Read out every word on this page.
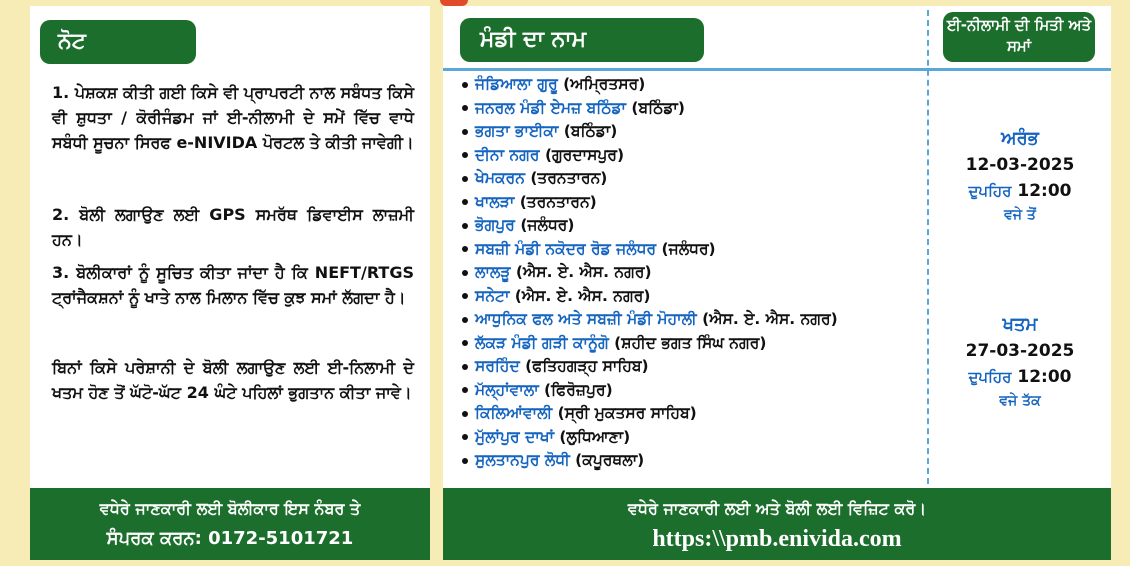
ਨੋਟ
1. ਪੇਸ਼ਕਸ਼ ਕੀਤੀ ਗਈ ਕਿਸੇ ਵੀ ਪ੍ਰਾਪਰਟੀ ਨਾਲ ਸਬੰਧਤ ਕਿਸੇ ਵੀ ਸ਼ੁਧਤਾ / ਕੋਰੀਜੰਡਮ ਜਾਂ ਈ-ਨੀਲਾਮੀ ਦੇ ਸਮੇਂ ਵਿੱਚ ਵਾਧੇ ਸਬੰਧੀ ਸੂਚਨਾ ਸਿਰਫ e-NIVIDA ਪੋਰਟਲ ਤੇ ਕੀਤੀ ਜਾਵੇਗੀ।
2. ਬੋਲੀ ਲਗਾਉਣ ਲਈ GPS ਸਮਰੱਥ ਡਿਵਾਈਸ ਲਾਜ਼ਮੀ ਹਨ।
3. ਬੋਲੀਕਾਰਾਂ ਨੂੰ ਸੂਚਿਤ ਕੀਤਾ ਜਾਂਦਾ ਹੈ ਕਿ NEFT/RTGS ਟ੍ਰਾਂਜੈਕਸ਼ਨਾਂ ਨੂੰ ਖਾਤੇ ਨਾਲ ਮਿਲਾਨ ਵਿੱਚ ਕੁਝ ਸਮਾਂ ਲੱਗਦਾ ਹੈ।
ਬਿਨਾਂ ਕਿਸੇ ਪਰੇਸ਼ਾਨੀ ਦੇ ਬੋਲੀ ਲਗਾਉਣ ਲਈ ਈ-ਨਿਲਾਮੀ ਦੇ ਖਤਮ ਹੋਣ ਤੋਂ ਘੱਟੋ-ਘੱਟ 24 ਘੰਟੇ ਪਹਿਲਾਂ ਭੁਗਤਾਨ ਕੀਤਾ ਜਾਵੇ।
ਵਧੇਰੇ ਜਾਣਕਾਰੀ ਲਈ ਬੋਲੀਕਾਰ ਇਸ ਨੰਬਰ ਤੇ
ਸੰਪਰਕ ਕਰਨ: 0172-5101721
ਮੰਡੀ ਦਾ ਨਾਮ
ਈ-ਨੀਲਾਮੀ ਦੀ ਮਿਤੀ ਅਤੇ ਸਮਾਂ
ਜੰਡਿਆਲਾ ਗੁਰੂ (ਅਮ੍ਰਿਤਸਰ)
ਜਨਰਲ ਮੰਡੀ ਏਮਜ਼ ਬਠਿੰਡਾ (ਬਠਿੰਡਾ)
ਭਗਤਾ ਭਾਈਕਾ (ਬਠਿੰਡਾ)
ਦੀਨਾ ਨਗਰ (ਗੁਰਦਾਸਪੁਰ)
ਖੇਮਕਰਨ (ਤਰਨਤਾਰਨ)
ਖਾਲੜਾ (ਤਰਨਤਾਰਨ)
ਭੋਗਪੁਰ (ਜਲੰਧਰ)
ਸਬਜ਼ੀ ਮੰਡੀ ਨਕੋਦਰ ਰੋਡ ਜਲੰਧਰ (ਜਲੰਧਰ)
ਲਾਲੜੂ (ਐਸ. ਏ. ਐਸ. ਨਗਰ)
ਸਨੇਟਾ (ਐਸ. ਏ. ਐਸ. ਨਗਰ)
ਆਧੁਨਿਕ ਫਲ ਅਤੇ ਸਬਜ਼ੀ ਮੰਡੀ ਮੋਹਾਲੀ (ਐਸ. ਏ. ਐਸ. ਨਗਰ)
ਲੱਕੜ ਮੰਡੀ ਗੜੀ ਕਾਨੂੰਗੋ (ਸ਼ਹੀਦ ਭਗਤ ਸਿੰਘ ਨਗਰ)
ਸਰਹਿੰਦ (ਫਤਿਹਗੜ੍ਹ ਸਾਹਿਬ)
ਮੱਲ੍ਹਾਂਵਾਲਾ (ਫਿਰੋਜ਼ਪੁਰ)
ਕਿਲਿਆਂਵਾਲੀ (ਸ੍ਰੀ ਮੁਕਤਸਰ ਸਾਹਿਬ)
ਮੁੱਲਾਂਪੁਰ ਦਾਖਾਂ (ਲੁਧਿਆਣਾ)
ਸੁਲਤਾਨਪੁਰ ਲੋਧੀ (ਕਪੂਰਥਲਾ)
ਅਰੰਭ
12-03-2025
ਦੁਪਹਿਰ 12:00
ਵਜੇ ਤੋਂ
ਖਤਮ
27-03-2025
ਦੁਪਹਿਰ 12:00
ਵਜੇ ਤੱਕ
ਵਧੇਰੇ ਜਾਣਕਾਰੀ ਲਈ ਅਤੇ ਬੋਲੀ ਲਈ ਵਿਜ਼ਿਟ ਕਰੋ।
https:\\pmb.enivida.com
